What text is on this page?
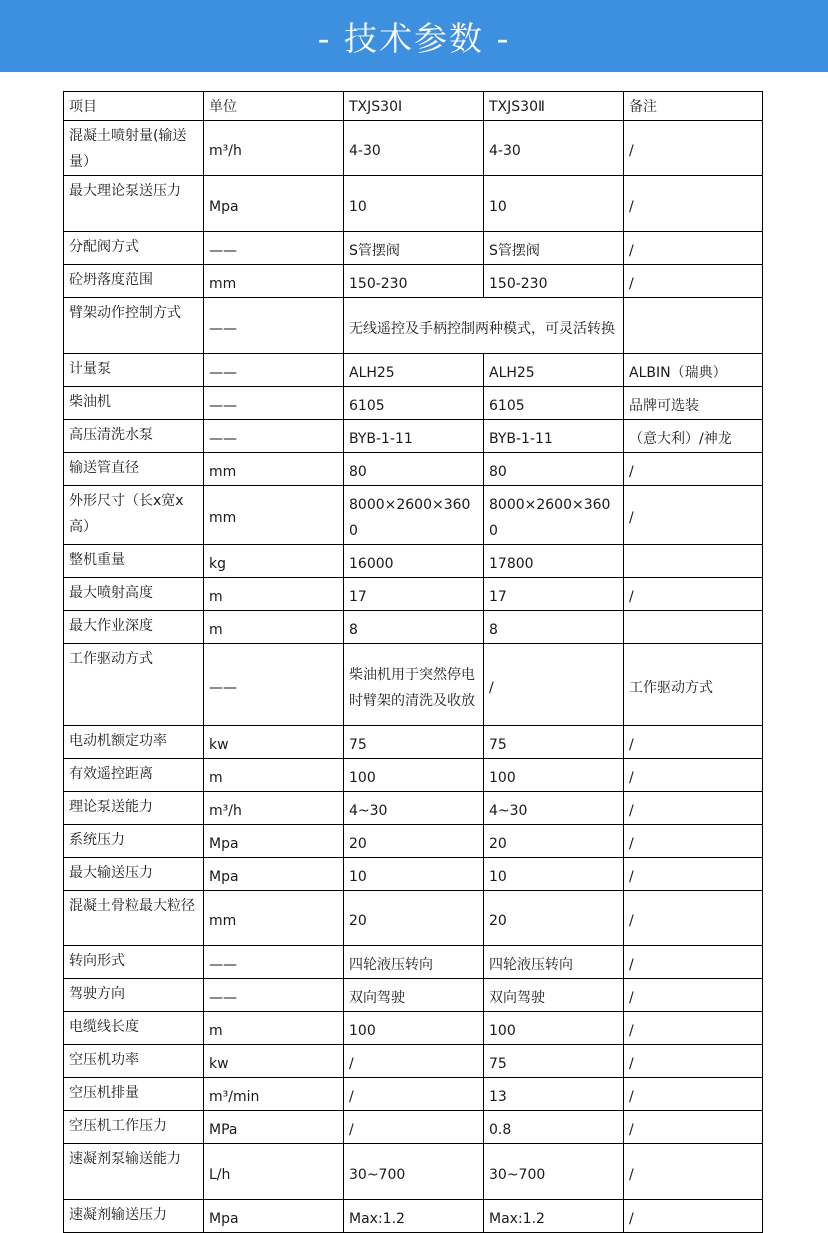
- 技术参数 -
项目	单位	TXJS30Ⅰ	TXJS30Ⅱ	备注
混凝土喷射量(输送量）	m³/h	4-30	4-30	/
最大理论泵送压力	Mpa	10	10	/
分配阀方式	——	S管摆阀	S管摆阀	/
砼坍落度范围	mm	150-230	150-230	/
臂架动作控制方式	——	无线遥控及手柄控制两种模式，可灵活转换		
计量泵	——	ALH25	ALH25	ALBIN（瑞典）
柴油机	——	6105	6105	品牌可选装
高压清洗水泵	——	BYB-1-11	BYB-1-11	（意大利）/神龙
输送管直径	mm	80	80	/
外形尺寸（长x宽x高）	mm	8000×2600×3600	8000×2600×3600	/
整机重量	kg	16000	17800	
最大喷射高度	m	17	17	/
最大作业深度	m	8	8	
工作驱动方式	——	柴油机用于突然停电时臂架的清洗及收放	/	工作驱动方式
电动机额定功率	kw	75	75	/
有效遥控距离	m	100	100	/
理论泵送能力	m³/h	4~30	4~30	/
系统压力	Mpa	20	20	/
最大输送压力	Mpa	10	10	/
混凝土骨粒最大粒径	mm	20	20	/
转向形式	——	四轮液压转向	四轮液压转向	/
驾驶方向	——	双向驾驶	双向驾驶	/
电缆线长度	m	100	100	/
空压机功率	kw	/	75	/
空压机排量	m³/min	/	13	/
空压机工作压力	MPa	/	0.8	/
速凝剂泵输送能力	L/h	30~700	30~700	/
速凝剂输送压力	Mpa	Max:1.2	Max:1.2	/
